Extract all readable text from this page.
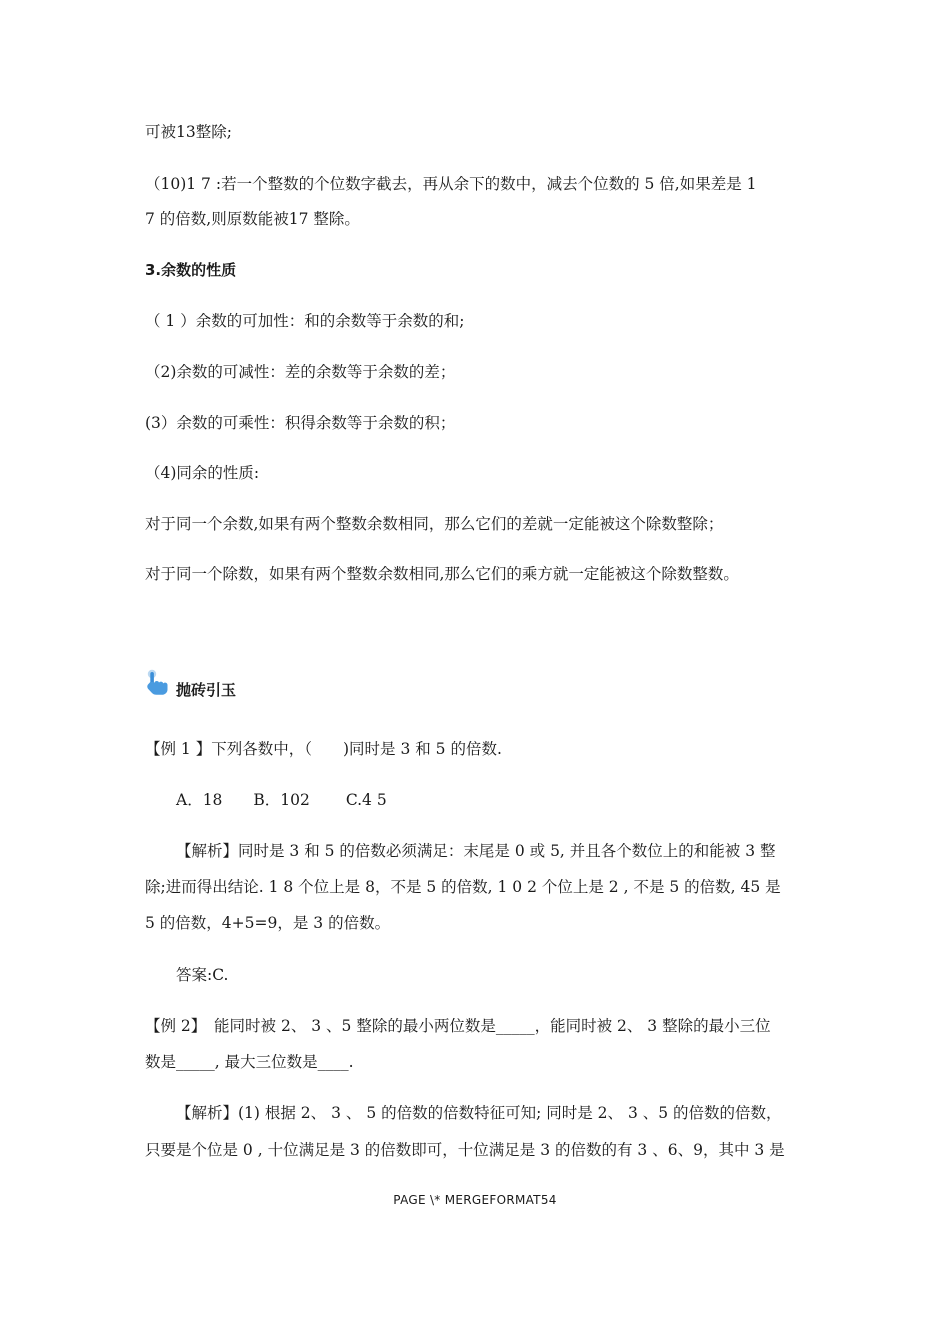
可被13整除;
（10)1 7 :若一个整数的个位数字截去，再从余下的数中，减去个位数的 5 倍,如果差是 1
7 的倍数,则原数能被17 整除。
3.余数的性质
（ 1 ）余数的可加性：和的余数等于余数的和;
（2)余数的可减性：差的余数等于余数的差；
(3）余数的可乘性：积得余数等于余数的积；
（4)同余的性质:
对于同一个余数,如果有两个整数余数相同，那么它们的差就一定能被这个除数整除；
对于同一个除数，如果有两个整数余数相同,那么它们的乘方就一定能被这个除数整数。
抛砖引玉
【例 1 】下列各数中，（　　)同时是 3 和 5 的倍数.
A．18　　B．102　　 C.4 5
【解析】同时是 3 和 5 的倍数必须满足：末尾是 0 或 5, 并且各个数位上的和能被 3 整
除;进而得出结论. 1 8 个位上是 8，不是 5 的倍数, 1 0 2 个位上是 2 , 不是 5 的倍数, 45 是
5 的倍数，4+5=9，是 3 的倍数。
答案:C.
【例 2】　能同时被 2、 3 、5 整除的最小两位数是_____，能同时被 2、 3 整除的最小三位
数是_____, 最大三位数是____.
【解析】(1) 根据 2、 3 、 5 的倍数的倍数特征可知; 同时是 2、 3 、5 的倍数的倍数，
只要是个位是 0 , 十位满足是 3 的倍数即可，十位满足是 3 的倍数的有 3 、6、9，其中 3 是
PAGE \* MERGEFORMAT54
